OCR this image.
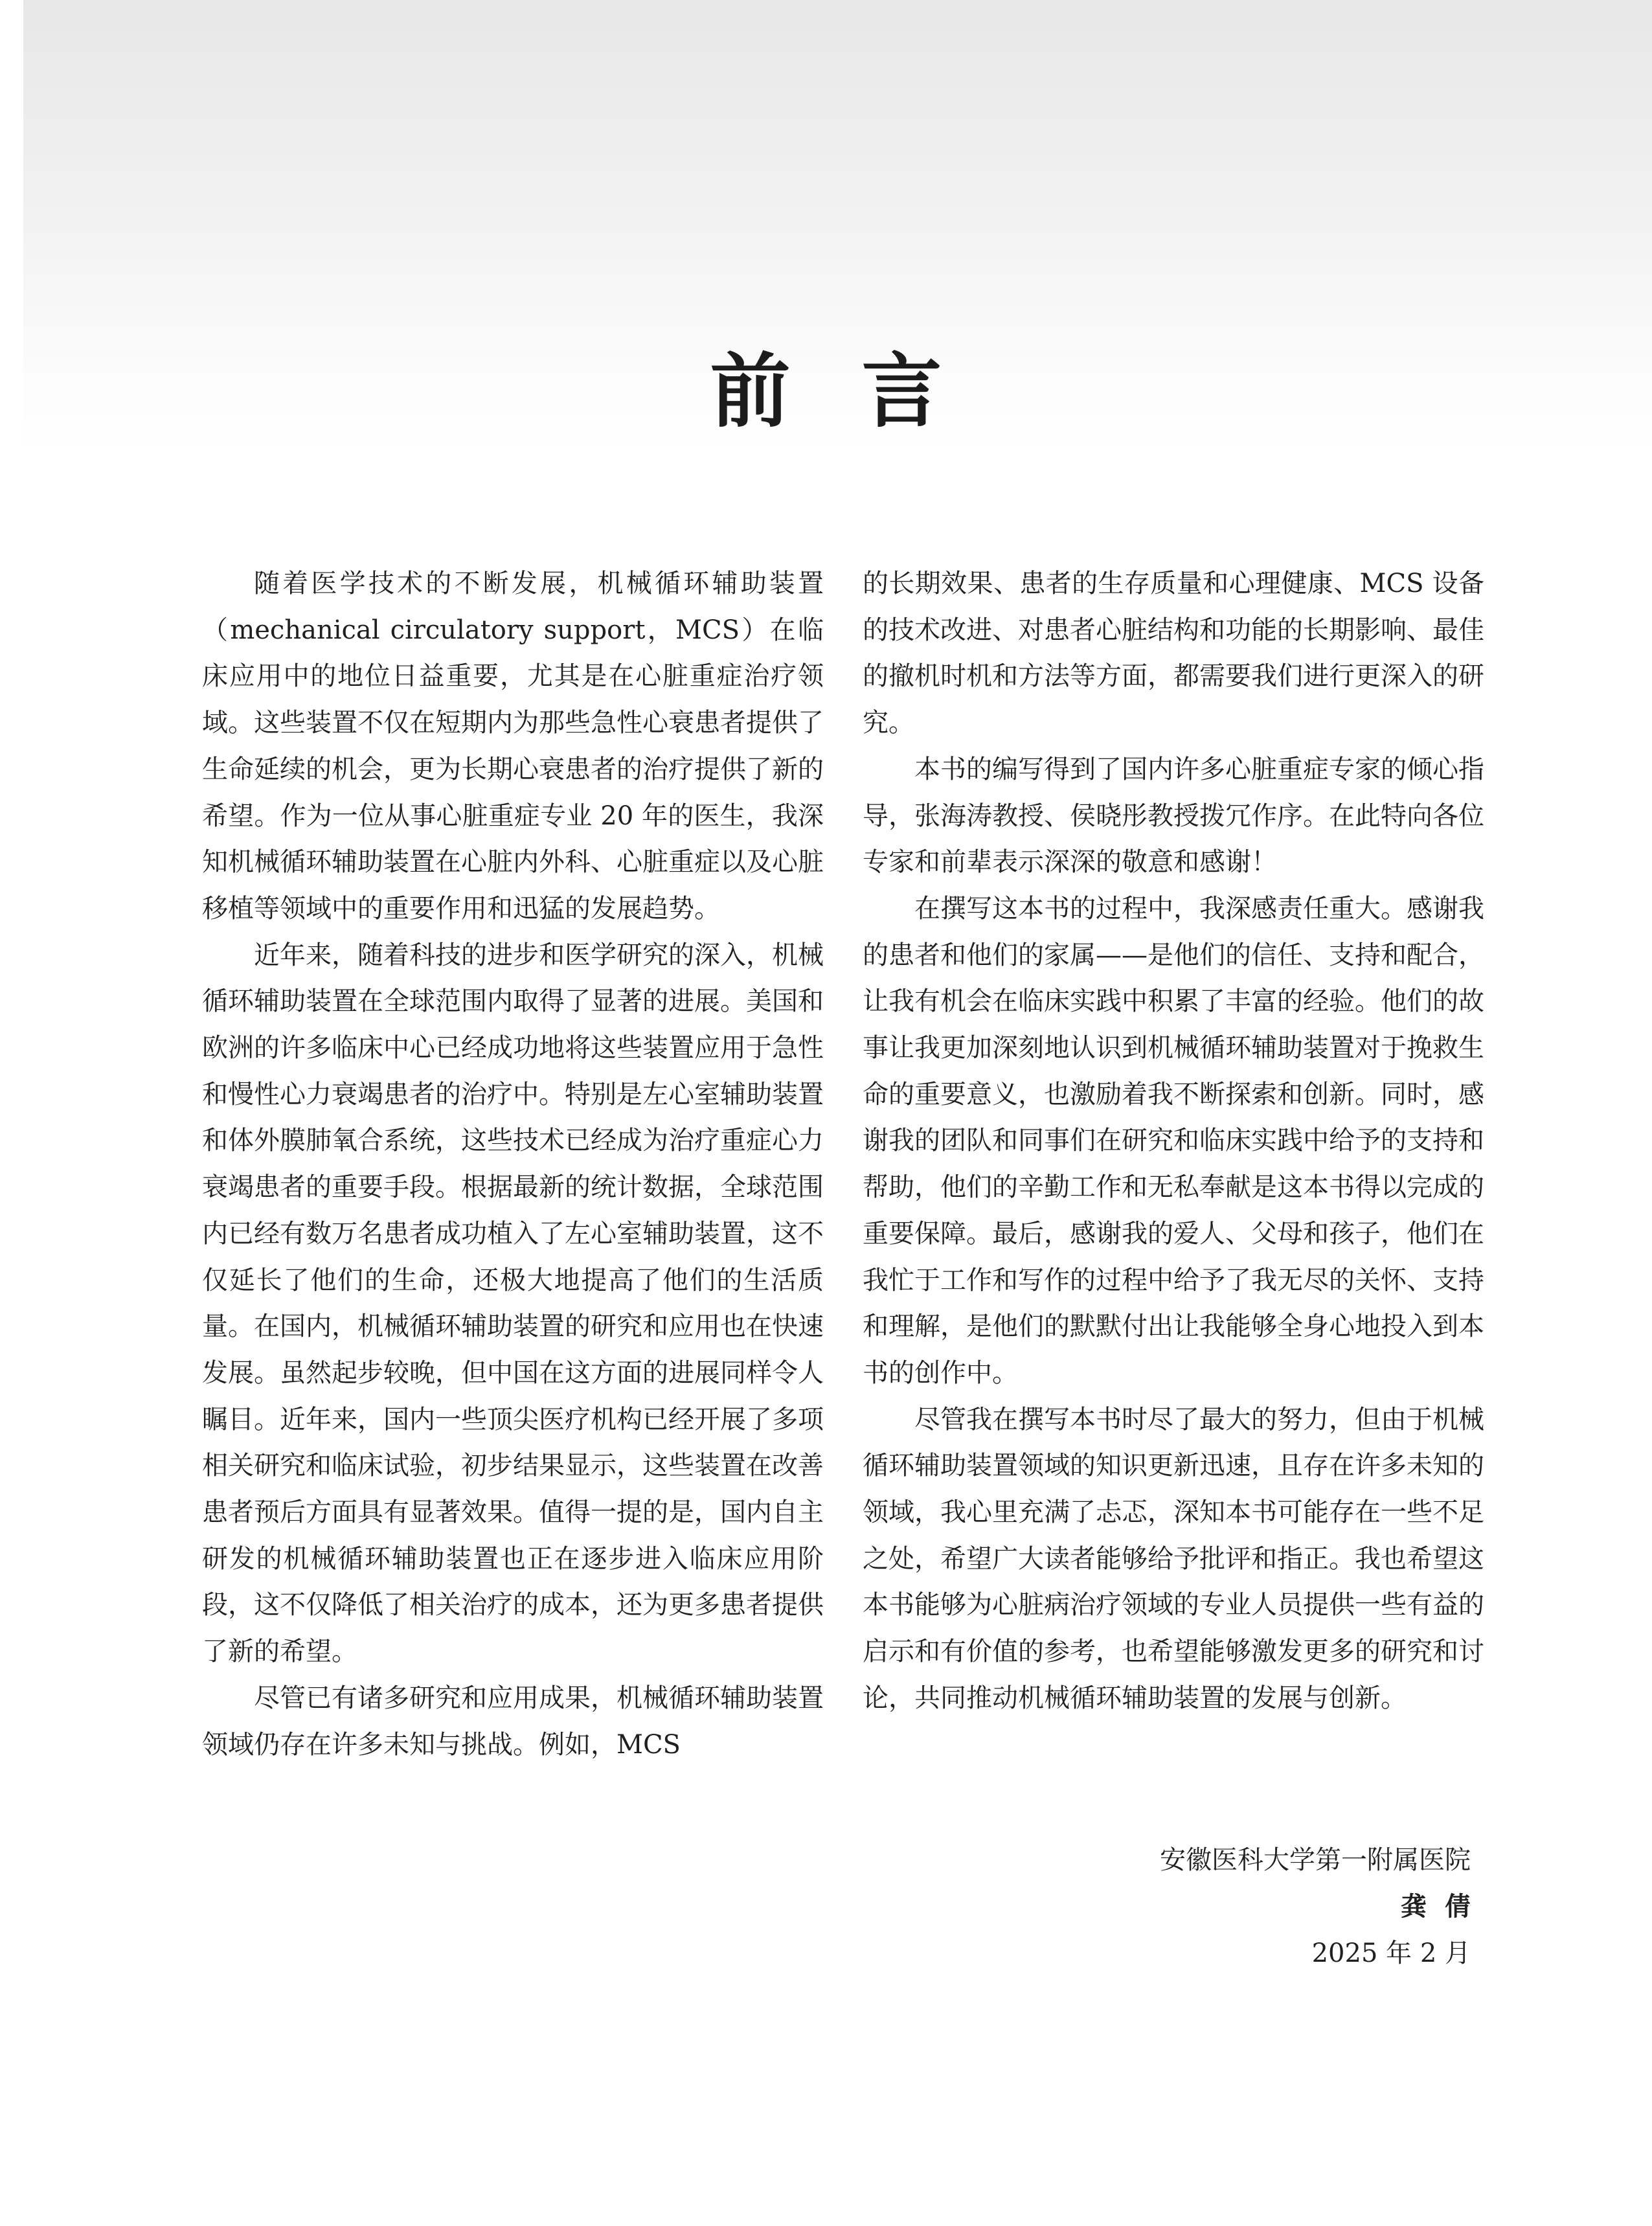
前言

随着医学技术的不断发展，机械循环辅助装置（mechanical circulatory support，MCS）在临床应用中的地位日益重要，尤其是在心脏重症治疗领域。这些装置不仅在短期内为那些急性心衰患者提供了生命延续的机会，更为长期心衰患者的治疗提供了新的希望。作为一位从事心脏重症专业 20 年的医生，我深知机械循环辅助装置在心脏内外科、心脏重症以及心脏移植等领域中的重要作用和迅猛的发展趋势。

近年来，随着科技的进步和医学研究的深入，机械循环辅助装置在全球范围内取得了显著的进展。美国和欧洲的许多临床中心已经成功地将这些装置应用于急性和慢性心力衰竭患者的治疗中。特别是左心室辅助装置和体外膜肺氧合系统，这些技术已经成为治疗重症心力衰竭患者的重要手段。根据最新的统计数据，全球范围内已经有数万名患者成功植入了左心室辅助装置，这不仅延长了他们的生命，还极大地提高了他们的生活质量。在国内，机械循环辅助装置的研究和应用也在快速发展。虽然起步较晚，但中国在这方面的进展同样令人瞩目。近年来，国内一些顶尖医疗机构已经开展了多项相关研究和临床试验，初步结果显示，这些装置在改善患者预后方面具有显著效果。值得一提的是，国内自主研发的机械循环辅助装置也正在逐步进入临床应用阶段，这不仅降低了相关治疗的成本，还为更多患者提供了新的希望。

尽管已有诸多研究和应用成果，机械循环辅助装置领域仍存在许多未知与挑战。例如，MCS

的长期效果、患者的生存质量和心理健康、MCS 设备的技术改进、对患者心脏结构和功能的长期影响、最佳的撤机时机和方法等方面，都需要我们进行更深入的研究。

本书的编写得到了国内许多心脏重症专家的倾心指导，张海涛教授、侯晓彤教授拨冗作序。在此特向各位专家和前辈表示深深的敬意和感谢！

在撰写这本书的过程中，我深感责任重大。感谢我的患者和他们的家属——是他们的信任、支持和配合，让我有机会在临床实践中积累了丰富的经验。他们的故事让我更加深刻地认识到机械循环辅助装置对于挽救生命的重要意义，也激励着我不断探索和创新。同时，感谢我的团队和同事们在研究和临床实践中给予的支持和帮助，他们的辛勤工作和无私奉献是这本书得以完成的重要保障。最后，感谢我的爱人、父母和孩子，他们在我忙于工作和写作的过程中给予了我无尽的关怀、支持和理解，是他们的默默付出让我能够全身心地投入到本书的创作中。

尽管我在撰写本书时尽了最大的努力，但由于机械循环辅助装置领域的知识更新迅速，且存在许多未知的领域，我心里充满了忐忑，深知本书可能存在一些不足之处，希望广大读者能够给予批评和指正。我也希望这本书能够为心脏病治疗领域的专业人员提供一些有益的启示和有价值的参考，也希望能够激发更多的研究和讨论，共同推动机械循环辅助装置的发展与创新。

安徽医科大学第一附属医院
龚倩
2025 年 2 月
